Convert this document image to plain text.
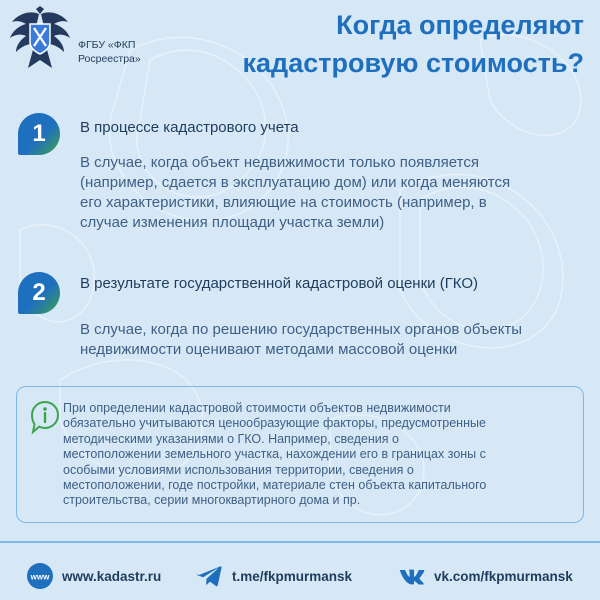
ФГБУ «ФКП
Росреестра»
Когда определяют
кадастровую стоимость?
1	В процессе кадастрового учета
В случае, когда объект недвижимости только появляется
(например, сдается в эксплуатацию дом) или когда меняются
его характеристики, влияющие на стоимость (например, в
случае изменения площади участка земли)
2	В результате государственной кадастровой оценки (ГКО)
В случае, когда по решению государственных органов объекты
недвижимости оценивают методами массовой оценки
При определении кадастровой стоимости объектов недвижимости
обязательно учитываются ценообразующие факторы, предусмотренные
методическими указаниями о ГКО. Например, сведения о
местоположении земельного участка, нахождении его в границах зоны с
особыми условиями использования территории, сведения о
местоположении, годе постройки, материале стен объекта капитального
строительства, серии многоквартирного дома и пр.
www www.kadastr.ru	t.me/fkpmurmansk	vk.com/fkpmurmansk
